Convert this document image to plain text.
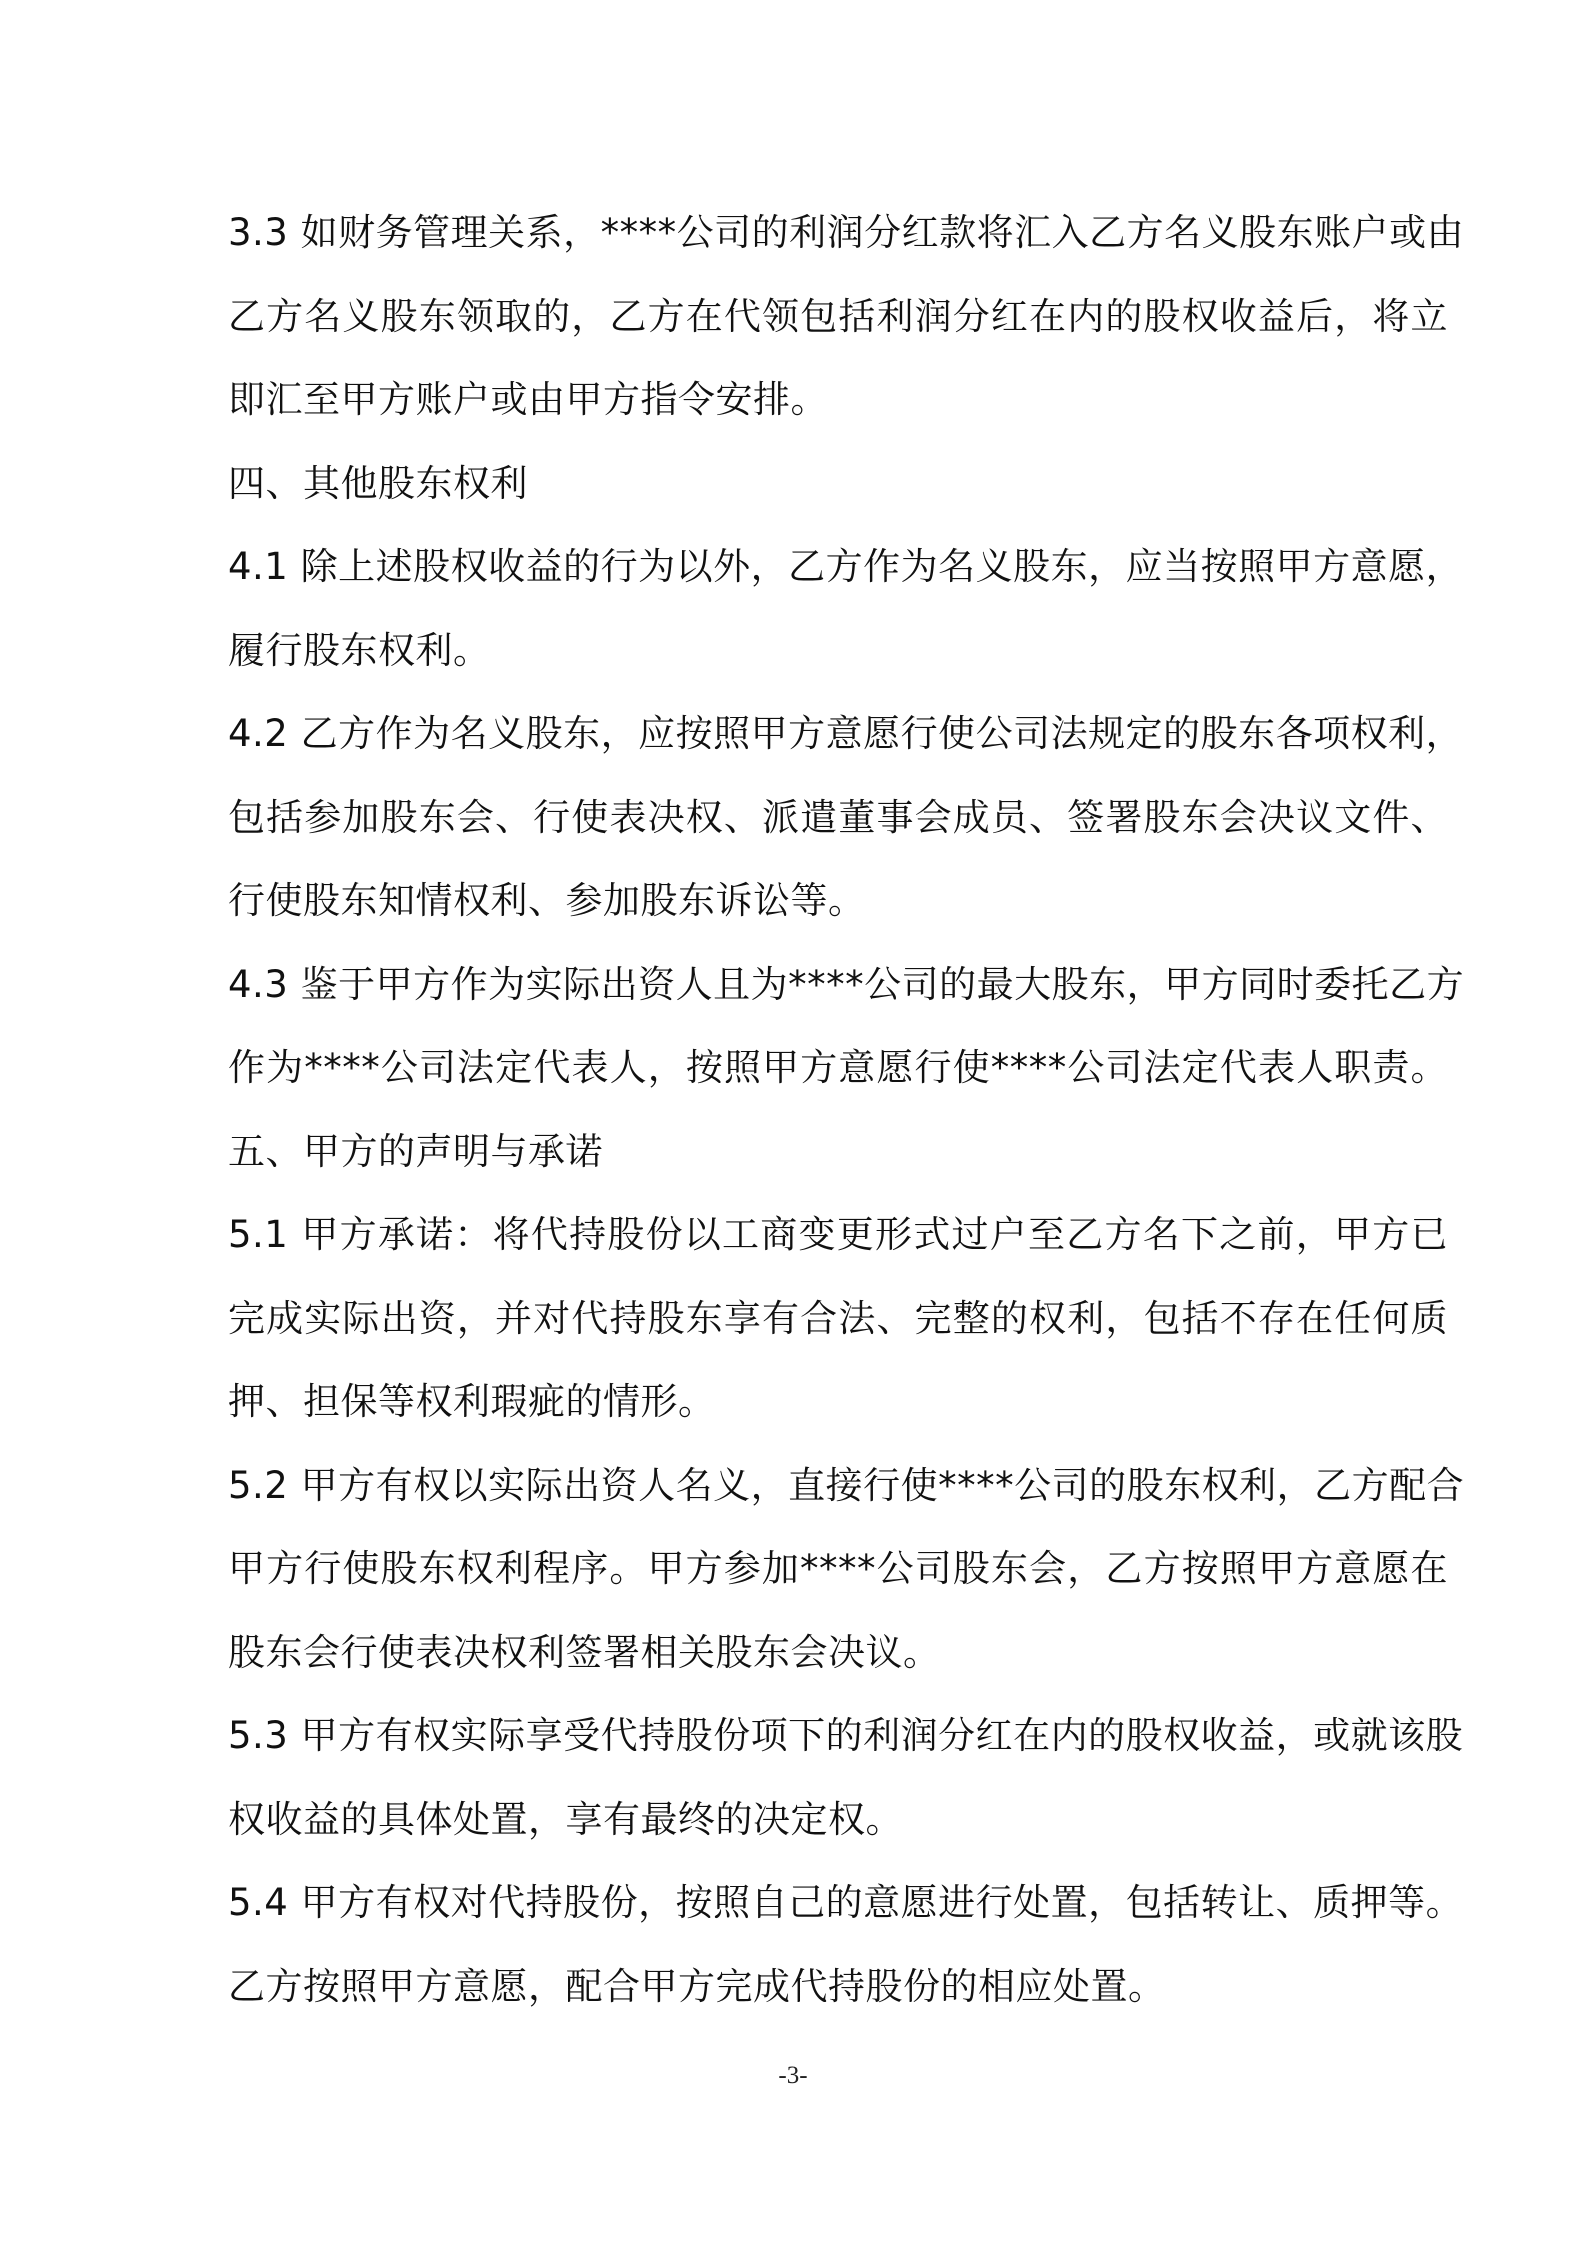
3.3 如财务管理关系，****公司的利润分红款将汇入乙方名义股东账户或由
乙方名义股东领取的，乙方在代领包括利润分红在内的股权收益后，将立
即汇至甲方账户或由甲方指令安排。
四、其他股东权利
4.1 除上述股权收益的行为以外，乙方作为名义股东，应当按照甲方意愿，
履行股东权利。
4.2 乙方作为名义股东，应按照甲方意愿行使公司法规定的股东各项权利，
包括参加股东会、行使表决权、派遣董事会成员、签署股东会决议文件、
行使股东知情权利、参加股东诉讼等。
4.3 鉴于甲方作为实际出资人且为****公司的最大股东，甲方同时委托乙方
作为****公司法定代表人，按照甲方意愿行使****公司法定代表人职责。
五、甲方的声明与承诺
5.1 甲方承诺：将代持股份以工商变更形式过户至乙方名下之前，甲方已
完成实际出资，并对代持股东享有合法、完整的权利，包括不存在任何质
押、担保等权利瑕疵的情形。
5.2 甲方有权以实际出资人名义，直接行使****公司的股东权利，乙方配合
甲方行使股东权利程序。甲方参加****公司股东会，乙方按照甲方意愿在
股东会行使表决权利签署相关股东会决议。
5.3 甲方有权实际享受代持股份项下的利润分红在内的股权收益，或就该股
权收益的具体处置，享有最终的决定权。
5.4 甲方有权对代持股份，按照自己的意愿进行处置，包括转让、质押等。
乙方按照甲方意愿，配合甲方完成代持股份的相应处置。
-3-
